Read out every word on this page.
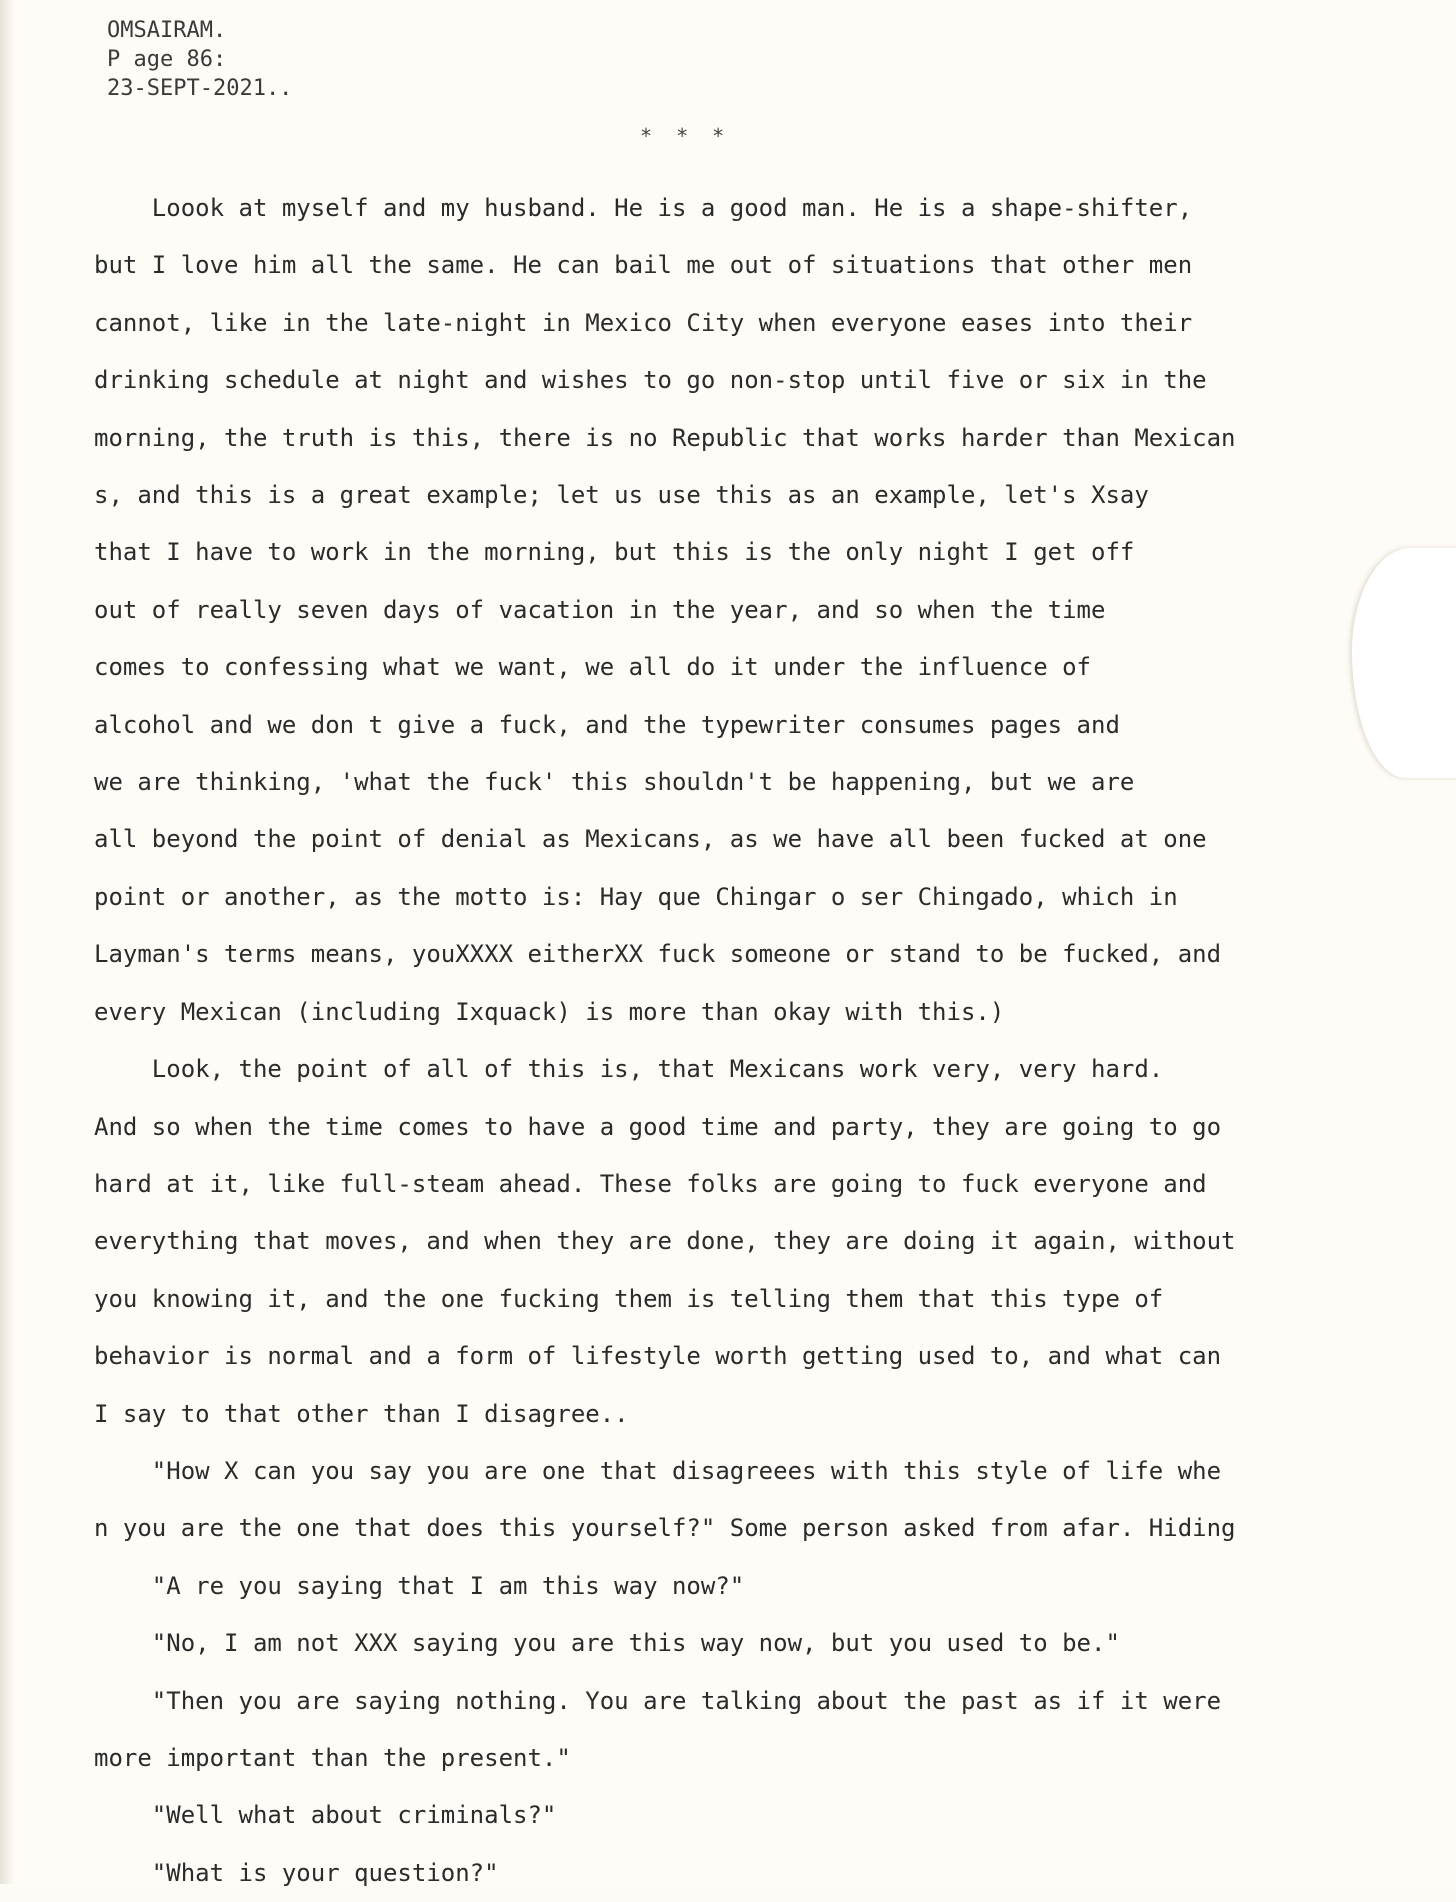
OMSAIRAM.
P age 86:
23-SEPT-2021..
* * *

Loook at myself and my husband. He is a good man. He is a shape-shifter,

but I love him all the same. He can bail me out of situations that other men

cannot, like in the late-night in Mexico City when everyone eases into their

drinking schedule at night and wishes to go non-stop until five or six in the

morning, the truth is this, there is no Republic that works harder than Mexican

s, and this is a great example; let us use this as an example, let's Xsay

that I have to work in the morning, but this is the only night I get off

out of really seven days of vacation in the year, and so when the time

comes to confessing what we want, we all do it under the influence of

alcohol and we don t give a fuck, and the typewriter consumes pages and

we are thinking, 'what the fuck' this shouldn't be happening, but we are

all beyond the point of denial as Mexicans, as we have all been fucked at one

point or another, as the motto is: Hay que Chingar o ser Chingado, which in

Layman's terms means, youXXXX eitherXX fuck someone or stand to be fucked, and

every Mexican (including Ixquack) is more than okay with this.)

Look, the point of all of this is, that Mexicans work very, very hard.

And so when the time comes to have a good time and party, they are going to go

hard at it, like full-steam ahead. These folks are going to fuck everyone and

everything that moves, and when they are done, they are doing it again, without

you knowing it, and the one fucking them is telling them that this type of

behavior is normal and a form of lifestyle worth getting used to, and what can

I say to that other than I disagree..

"How X can you say you are one that disagreees with this style of life whe

n you are the one that does this yourself?" Some person asked from afar. Hiding

"A re you saying that I am this way now?"

"No, I am not XXX saying you are this way now, but you used to be."

"Then you are saying nothing. You are talking about the past as if it were

more important than the present."

"Well what about criminals?"

"What is your question?"
